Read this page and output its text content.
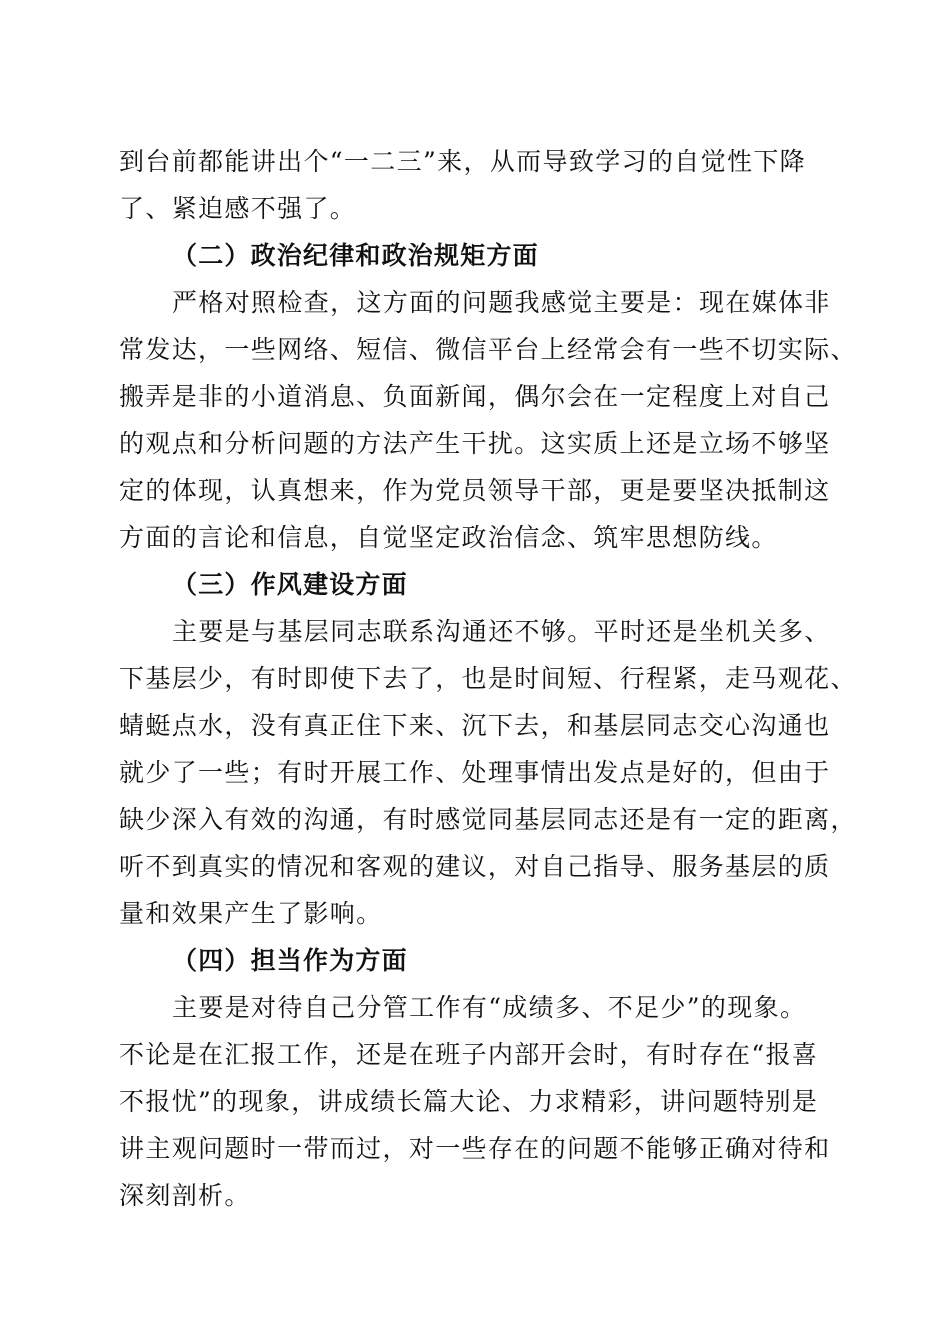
到台前都能讲出个“一二三”来，从而导致学习的自觉性下降
了、紧迫感不强了。
（二）政治纪律和政治规矩方面
严格对照检查，这方面的问题我感觉主要是：现在媒体非
常发达，一些网络、短信、微信平台上经常会有一些不切实际、
搬弄是非的小道消息、负面新闻，偶尔会在一定程度上对自己
的观点和分析问题的方法产生干扰。这实质上还是立场不够坚
定的体现，认真想来，作为党员领导干部，更是要坚决抵制这
方面的言论和信息，自觉坚定政治信念、筑牢思想防线。
（三）作风建设方面
主要是与基层同志联系沟通还不够。平时还是坐机关多、
下基层少，有时即使下去了，也是时间短、行程紧，走马观花、
蜻蜓点水，没有真正住下来、沉下去，和基层同志交心沟通也
就少了一些；有时开展工作、处理事情出发点是好的，但由于
缺少深入有效的沟通，有时感觉同基层同志还是有一定的距离，
听不到真实的情况和客观的建议，对自己指导、服务基层的质
量和效果产生了影响。
（四）担当作为方面
主要是对待自己分管工作有“成绩多、不足少”的现象。
不论是在汇报工作，还是在班子内部开会时，有时存在“报喜
不报忧”的现象，讲成绩长篇大论、力求精彩，讲问题特别是
讲主观问题时一带而过，对一些存在的问题不能够正确对待和
深刻剖析。
